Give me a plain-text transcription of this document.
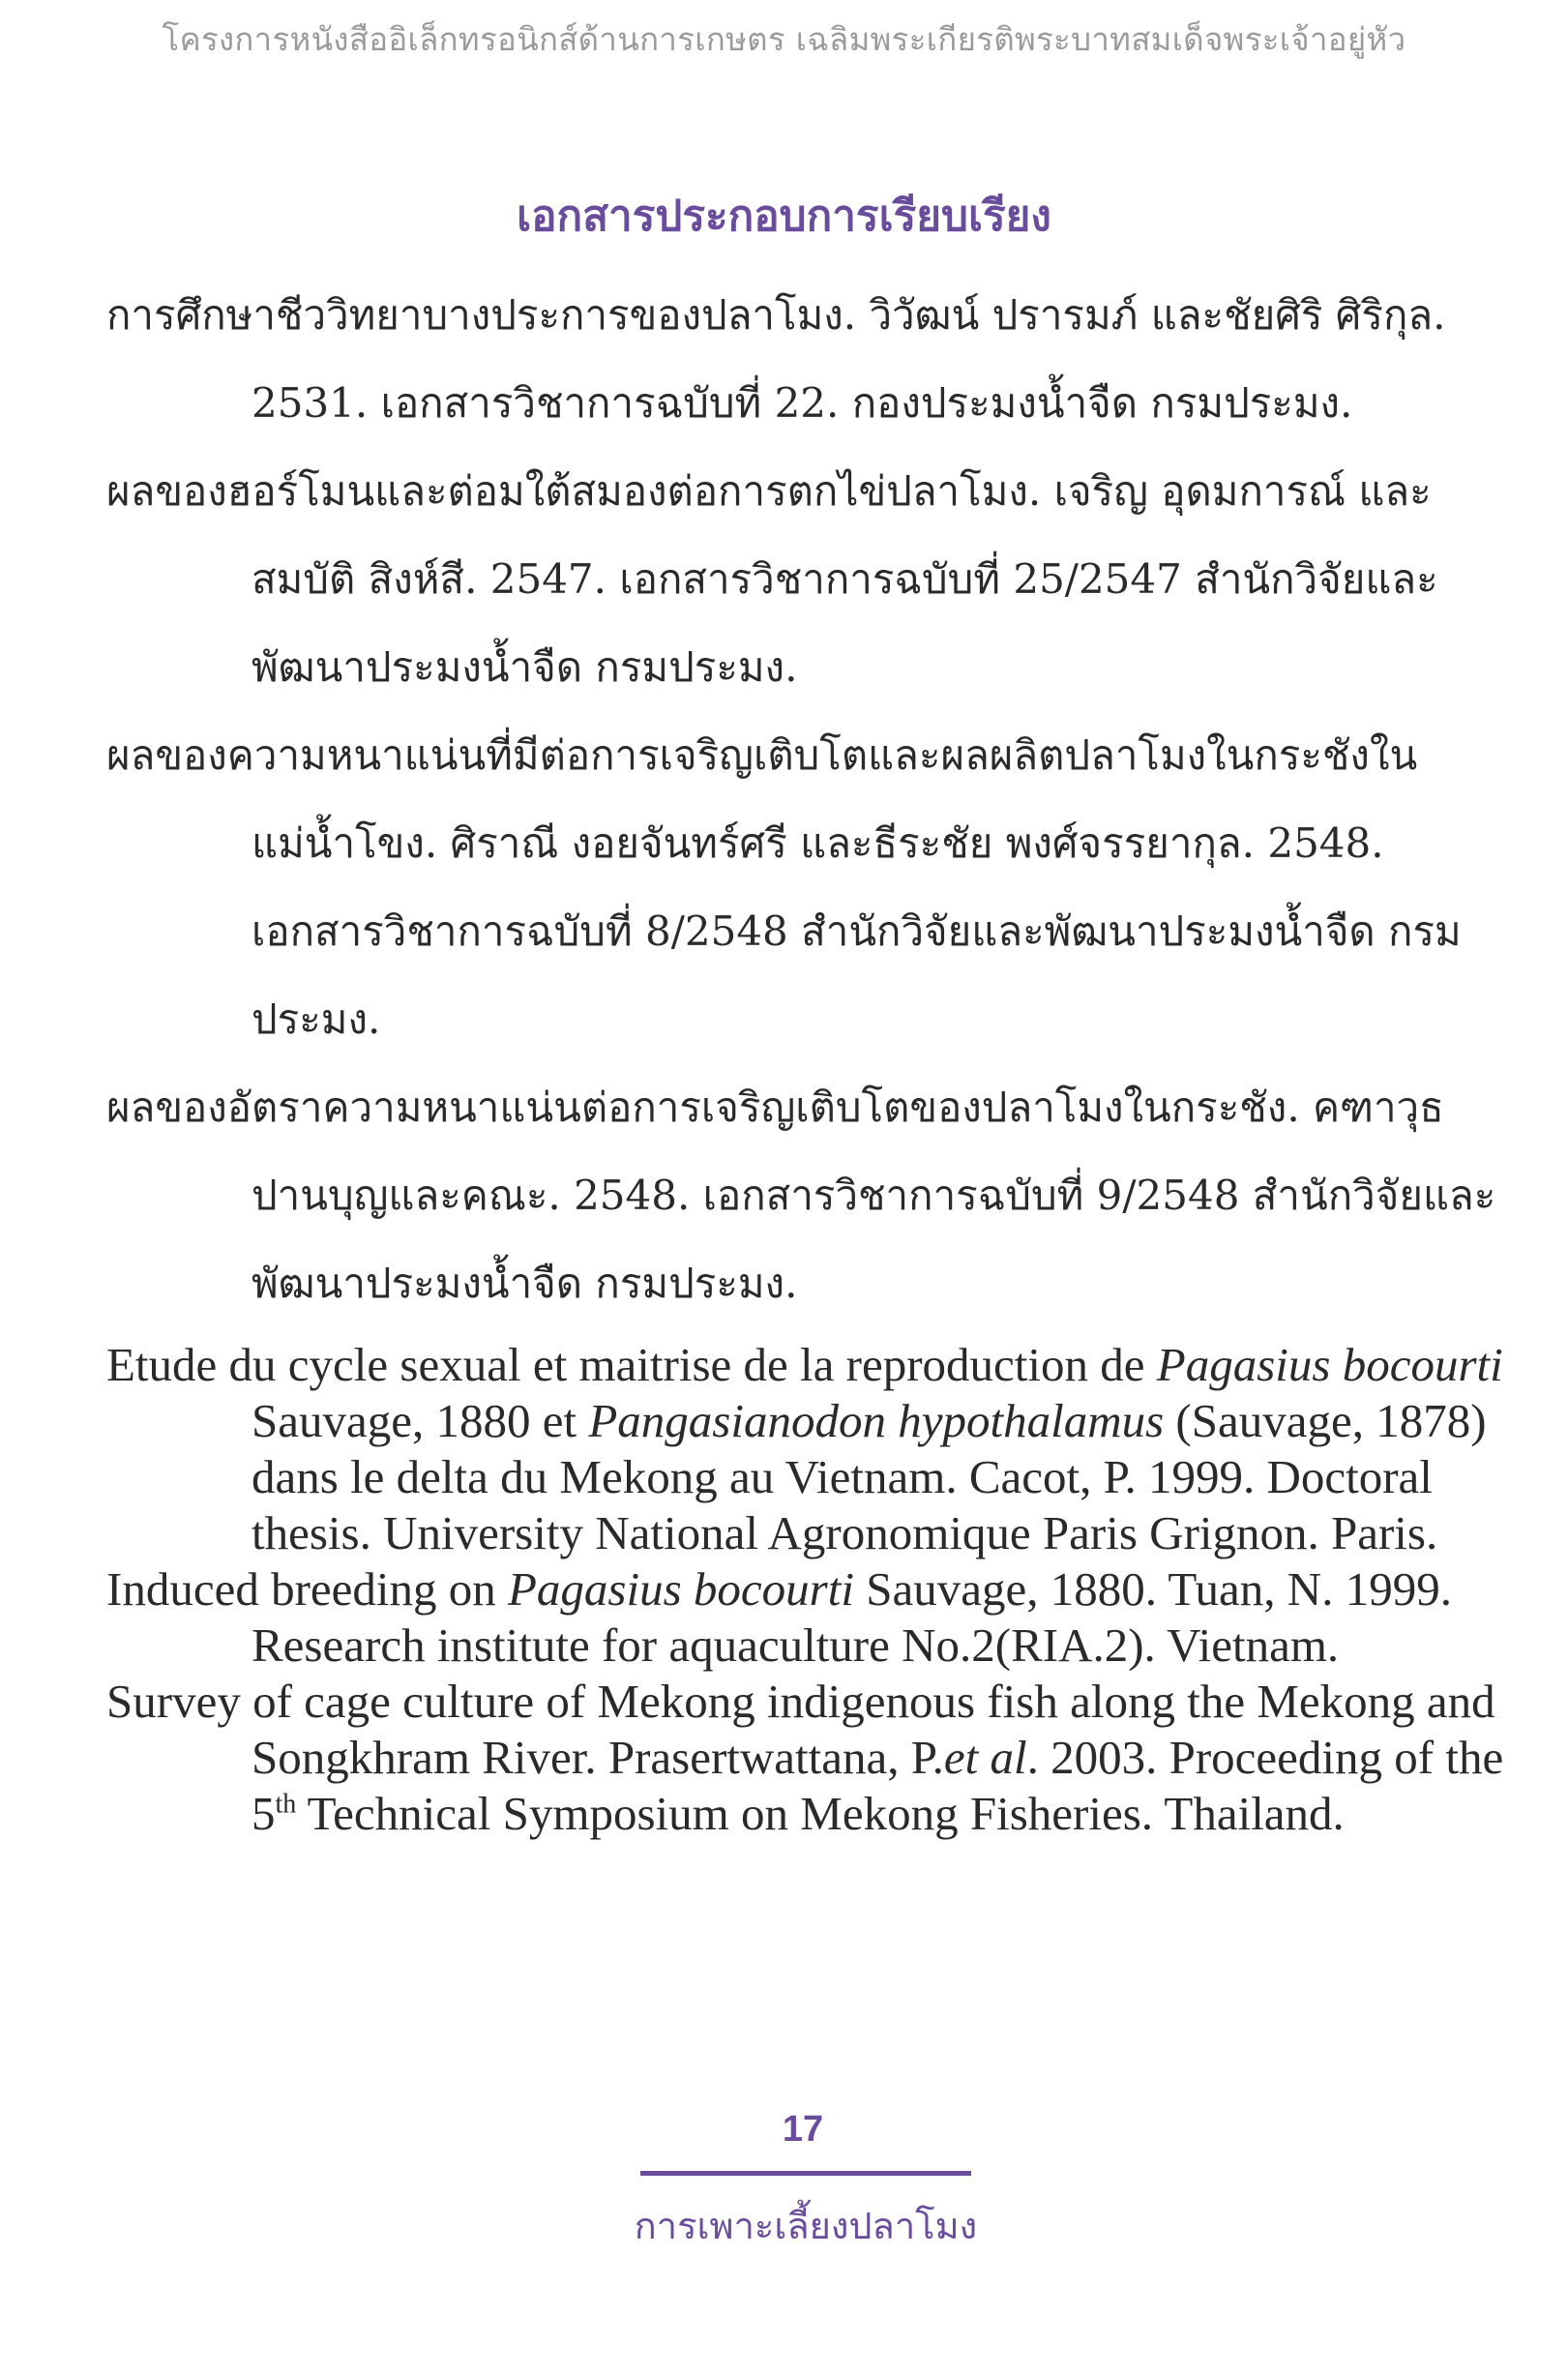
โครงการหนังสืออิเล็กทรอนิกส์ด้านการเกษตร เฉลิมพระเกียรติพระบาทสมเด็จพระเจ้าอยู่หัว
เอกสารประกอบการเรียบเรียง

การศึกษาชีววิทยาบางประการของปลาโมง. วิวัฒน์ ปรารมภ์ และชัยศิริ ศิริกุล. 2531. เอกสารวิชาการฉบับที่ 22. กองประมงน้ำจืด กรมประมง.

ผลของฮอร์โมนและต่อมใต้สมองต่อการตกไข่ปลาโมง. เจริญ อุดมการณ์ และสมบัติ สิงห์สี. 2547. เอกสารวิชาการฉบับที่ 25/2547 สำนักวิจัยและพัฒนาประมงน้ำจืด กรมประมง.

ผลของความหนาแน่นที่มีต่อการเจริญเติบโตและผลผลิตปลาโมงในกระชังในแม่น้ำโขง. ศิราณี งอยจันทร์ศรี และธีระชัย พงศ์จรรยากุล. 2548. เอกสารวิชาการฉบับที่ 8/2548 สำนักวิจัยและพัฒนาประมงน้ำจืด กรมประมง.

ผลของอัตราความหนาแน่นต่อการเจริญเติบโตของปลาโมงในกระชัง. คฑาวุธ ปานบุญและคณะ. 2548. เอกสารวิชาการฉบับที่ 9/2548 สำนักวิจัยและพัฒนาประมงน้ำจืด กรมประมง.

Etude du cycle sexual et maitrise de la reproduction de Pagasius bocourti Sauvage, 1880 et Pangasianodon hypothalamus (Sauvage, 1878) dans le delta du Mekong au Vietnam. Cacot, P. 1999. Doctoral thesis. University National Agronomique Paris Grignon. Paris.

Induced breeding on Pagasius bocourti Sauvage, 1880. Tuan, N. 1999. Research institute for aquaculture No.2(RIA.2). Vietnam.

Survey of cage culture of Mekong indigenous fish along the Mekong and Songkhram River. Prasertwattana, P.et al. 2003. Proceeding of the 5th Technical Symposium on Mekong Fisheries. Thailand.

17
การเพาะเลี้ยงปลาโมง
